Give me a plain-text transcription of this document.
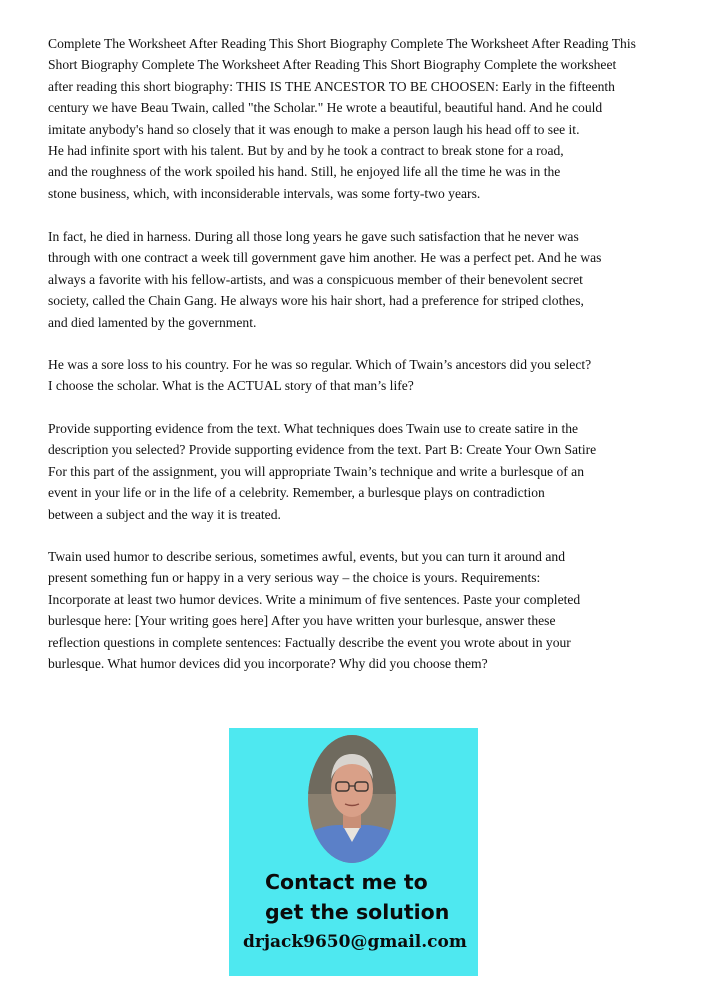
Complete The Worksheet After Reading This Short Biography Complete The Worksheet After Reading This
Short Biography Complete The Worksheet After Reading This Short Biography Complete the worksheet
after reading this short biography: THIS IS THE ANCESTOR TO BE CHOOSEN: Early in the fifteenth
century we have Beau Twain, called "the Scholar." He wrote a beautiful, beautiful hand. And he could
imitate anybody's hand so closely that it was enough to make a person laugh his head off to see it.
He had infinite sport with his talent. But by and by he took a contract to break stone for a road,
and the roughness of the work spoiled his hand. Still, he enjoyed life all the time he was in the
stone business, which, with inconsiderable intervals, was some forty-two years.
In fact, he died in harness. During all those long years he gave such satisfaction that he never was
through with one contract a week till government gave him another. He was a perfect pet. And he was
always a favorite with his fellow-artists, and was a conspicuous member of their benevolent secret
society, called the Chain Gang. He always wore his hair short, had a preference for striped clothes,
and died lamented by the government.
He was a sore loss to his country. For he was so regular. Which of Twain’s ancestors did you select?
I choose the scholar. What is the ACTUAL story of that man’s life?
Provide supporting evidence from the text. What techniques does Twain use to create satire in the
description you selected? Provide supporting evidence from the text. Part B: Create Your Own Satire
For this part of the assignment, you will appropriate Twain’s technique and write a burlesque of an
event in your life or in the life of a celebrity. Remember, a burlesque plays on contradiction
between a subject and the way it is treated.
Twain used humor to describe serious, sometimes awful, events, but you can turn it around and
present something fun or happy in a very serious way – the choice is yours. Requirements:
Incorporate at least two humor devices. Write a minimum of five sentences. Paste your completed
burlesque here: [Your writing goes here] After you have written your burlesque, answer these
reflection questions in complete sentences: Factually describe the event you wrote about in your
burlesque. What humor devices did you incorporate? Why did you choose them?
Contact me to
get the solution
drjack9650@gmail.com
